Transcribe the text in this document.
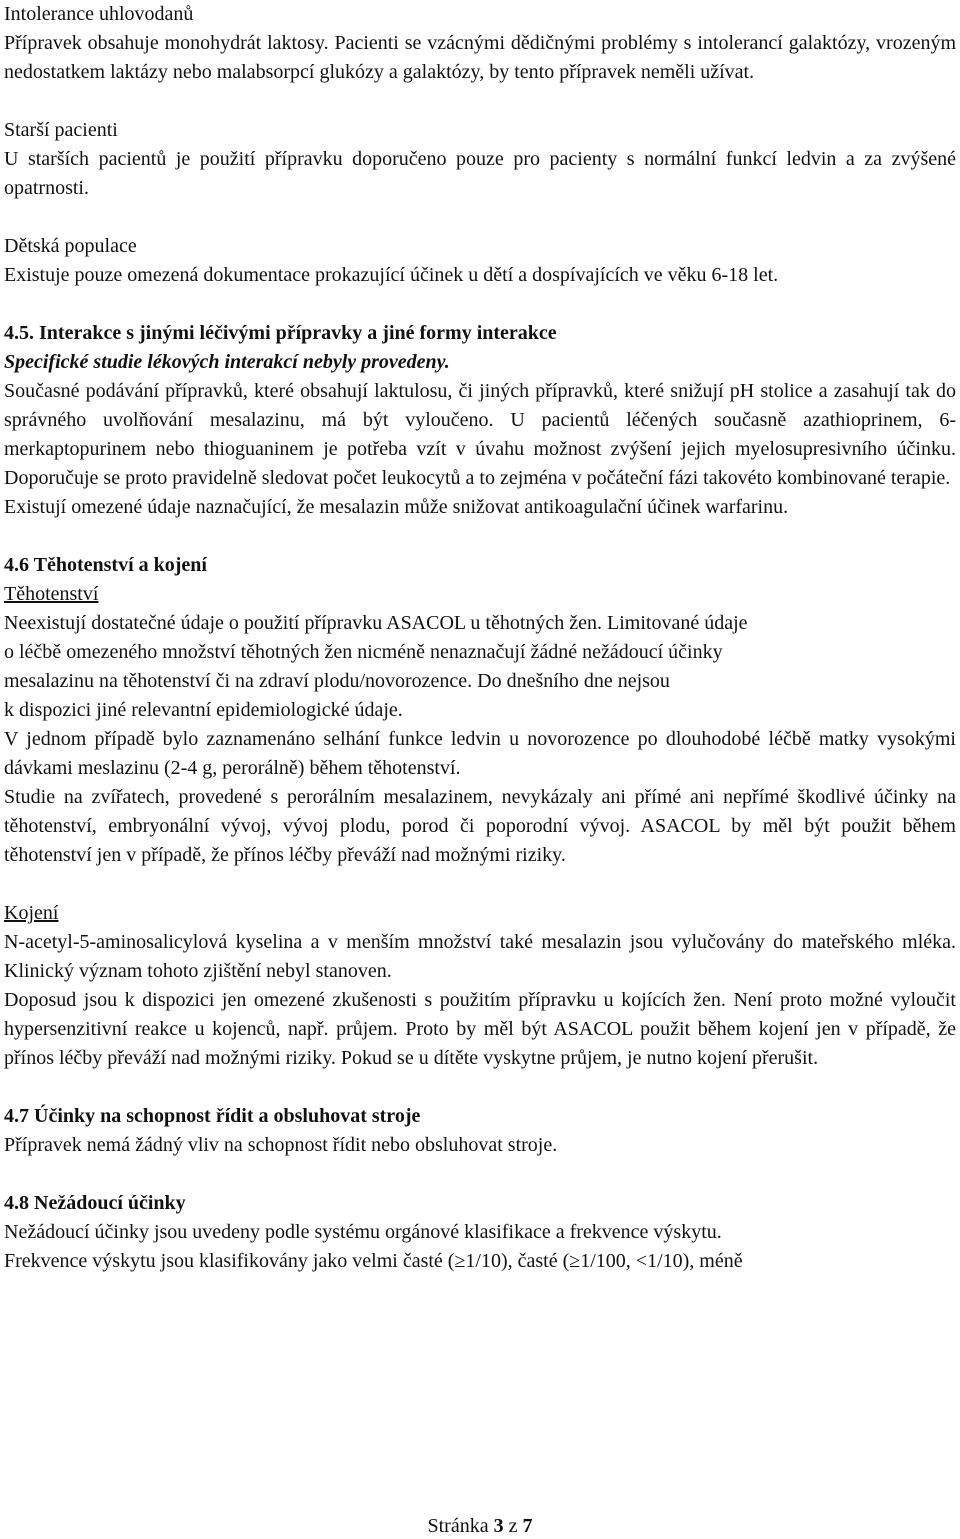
Intolerance uhlovodanů

Přípravek obsahuje monohydrát laktosy. Pacienti se vzácnými dědičnými problémy s intolerancí galaktózy, vrozeným nedostatkem laktázy nebo malabsorpcí glukózy a galaktózy, by tento přípravek neměli užívat.

Starší pacienti

U starších pacientů je použití přípravku doporučeno pouze pro pacienty s normální funkcí ledvin a za zvýšené opatrnosti.

Dětská populace

Existuje pouze omezená dokumentace prokazující účinek u dětí a dospívajících ve věku 6-18 let.

4.5. Interakce s jinými léčivými přípravky a jiné formy interakce

Specifické studie lékových interakcí nebyly provedeny.

Současné podávání přípravků, které obsahují laktulosu, či jiných přípravků, které snižují pH stolice a zasahují tak do správného uvolňování mesalazinu, má být vyloučeno. U pacientů léčených současně azathioprinem, 6-merkaptopurinem nebo thioguaninem je potřeba vzít v úvahu možnost zvýšení jejich myelosupresivního účinku. Doporučuje se proto pravidelně sledovat počet leukocytů a to zejména v počáteční fázi takovéto kombinované terapie.

Existují omezené údaje naznačující, že mesalazin může snižovat antikoagulační účinek warfarinu.

4.6 Těhotenství a kojení

Těhotenství

Neexistují dostatečné údaje o použití přípravku ASACOL u těhotných žen. Limitované údaje

o léčbě omezeného množství těhotných žen nicméně nenaznačují žádné nežádoucí účinky

mesalazinu na těhotenství či na zdraví plodu/novorozence. Do dnešního dne nejsou

k dispozici jiné relevantní epidemiologické údaje.

V jednom případě bylo zaznamenáno selhání funkce ledvin u novorozence po dlouhodobé léčbě matky vysokými dávkami meslazinu (2-4 g, perorálně) během těhotenství.

Studie na zvířatech, provedené s perorálním mesalazinem, nevykázaly ani přímé ani nepřímé škodlivé účinky na těhotenství, embryonální vývoj, vývoj plodu, porod či poporodní vývoj. ASACOL by měl být použit během těhotenství jen v případě, že přínos léčby převáží nad možnými riziky.

Kojení

N-acetyl-5-aminosalicylová kyselina a v menším množství také mesalazin jsou vylučovány do mateřského mléka. Klinický význam tohoto zjištění nebyl stanoven.

Doposud jsou k dispozici jen omezené zkušenosti s použitím přípravku u kojících žen. Není proto možné vyloučit hypersenzitivní reakce u kojenců, např. průjem. Proto by měl být ASACOL použit během kojení jen v případě, že přínos léčby převáží nad možnými riziky. Pokud se u dítěte vyskytne průjem, je nutno kojení přerušit.

4.7 Účinky na schopnost řídit a obsluhovat stroje

Přípravek nemá žádný vliv na schopnost řídit nebo obsluhovat stroje.

4.8 Nežádoucí účinky

Nežádoucí účinky jsou uvedeny podle systému orgánové klasifikace a frekvence výskytu.

Frekvence výskytu jsou klasifikovány jako velmi časté (≥1/10), časté (≥1/100, <1/10), méně

Stránka 3 z 7
